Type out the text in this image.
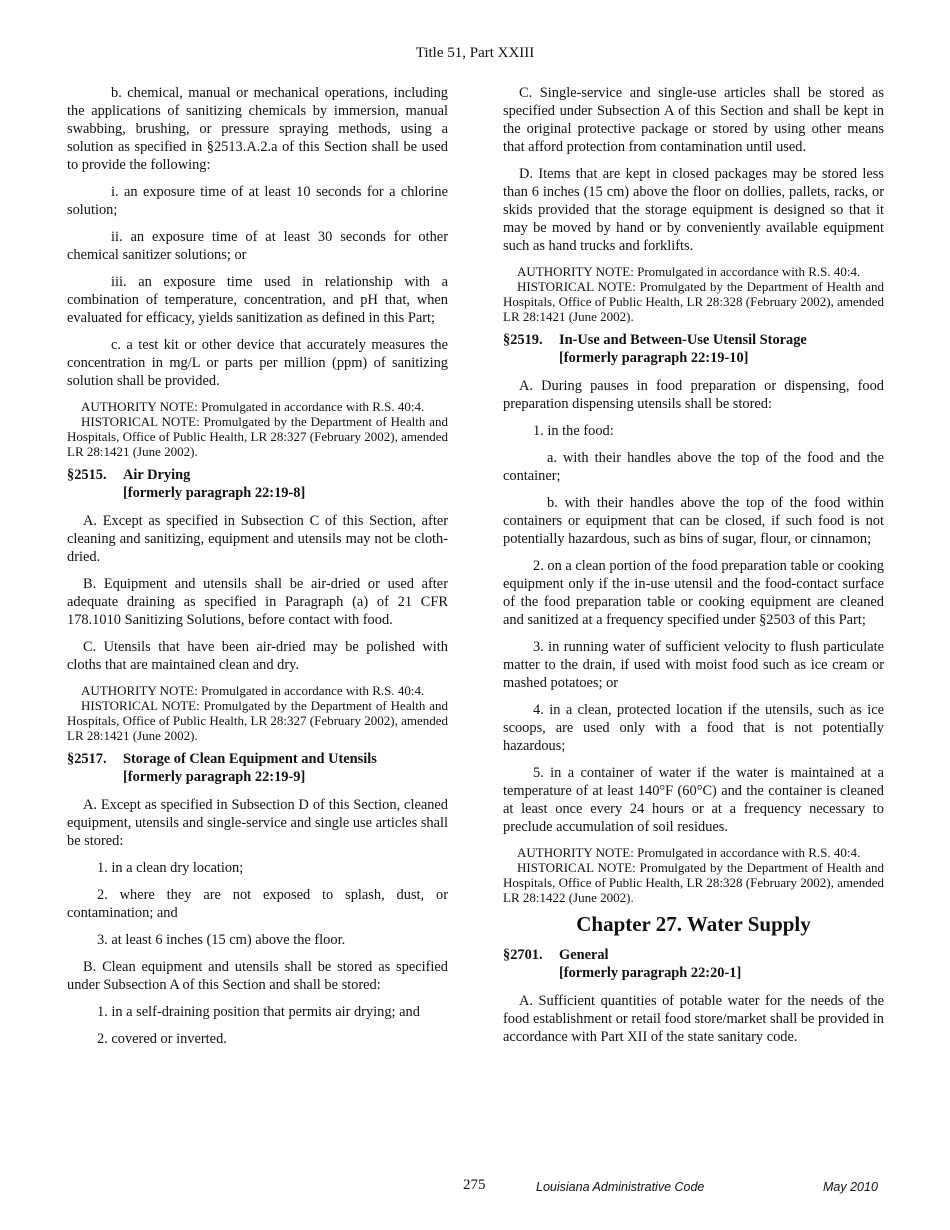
Title 51, Part XXIII

b. chemical, manual or mechanical operations, including the applications of sanitizing chemicals by immersion, manual swabbing, brushing, or pressure spraying methods, using a solution as specified in §2513.A.2.a of this Section shall be used to provide the following:

i. an exposure time of at least 10 seconds for a chlorine solution;

ii. an exposure time of at least 30 seconds for other chemical sanitizer solutions; or

iii. an exposure time used in relationship with a combination of temperature, concentration, and pH that, when evaluated for efficacy, yields sanitization as defined in this Part;

c. a test kit or other device that accurately measures the concentration in mg/L or parts per million (ppm) of sanitizing solution shall be provided.

AUTHORITY NOTE: Promulgated in accordance with R.S. 40:4.

HISTORICAL NOTE: Promulgated by the Department of Health and Hospitals, Office of Public Health, LR 28:327 (February 2002), amended LR 28:1421 (June 2002).

§2515.	Air Drying
[formerly paragraph 22:19-8]

A. Except as specified in Subsection C of this Section, after cleaning and sanitizing, equipment and utensils may not be cloth-dried.

B. Equipment and utensils shall be air-dried or used after adequate draining as specified in Paragraph (a) of 21 CFR 178.1010 Sanitizing Solutions, before contact with food.

C. Utensils that have been air-dried may be polished with cloths that are maintained clean and dry.

AUTHORITY NOTE: Promulgated in accordance with R.S. 40:4.

HISTORICAL NOTE: Promulgated by the Department of Health and Hospitals, Office of Public Health, LR 28:327 (February 2002), amended LR 28:1421 (June 2002).

§2517.	Storage of Clean Equipment and Utensils
[formerly paragraph 22:19-9]

A. Except as specified in Subsection D of this Section, cleaned equipment, utensils and single-service and single use articles shall be stored:

1. in a clean dry location;

2. where they are not exposed to splash, dust, or contamination; and

3. at least 6 inches (15 cm) above the floor.

B. Clean equipment and utensils shall be stored as specified under Subsection A of this Section and shall be stored:

1. in a self-draining position that permits air drying; and

2. covered or inverted.

C. Single-service and single-use articles shall be stored as specified under Subsection A of this Section and shall be kept in the original protective package or stored by using other means that afford protection from contamination until used.

D. Items that are kept in closed packages may be stored less than 6 inches (15 cm) above the floor on dollies, pallets, racks, or skids provided that the storage equipment is designed so that it may be moved by hand or by conveniently available equipment such as hand trucks and forklifts.

AUTHORITY NOTE: Promulgated in accordance with R.S. 40:4.

HISTORICAL NOTE: Promulgated by the Department of Health and Hospitals, Office of Public Health, LR 28:328 (February 2002), amended LR 28:1421 (June 2002).

§2519.	In-Use and Between-Use Utensil Storage
[formerly paragraph 22:19-10]

A. During pauses in food preparation or dispensing, food preparation dispensing utensils shall be stored:

1. in the food:

a. with their handles above the top of the food and the container;

b. with their handles above the top of the food within containers or equipment that can be closed, if such food is not potentially hazardous, such as bins of sugar, flour, or cinnamon;

2. on a clean portion of the food preparation table or cooking equipment only if the in-use utensil and the food-contact surface of the food preparation table or cooking equipment are cleaned and sanitized at a frequency specified under §2503 of this Part;

3. in running water of sufficient velocity to flush particulate matter to the drain, if used with moist food such as ice cream or mashed potatoes; or

4. in a clean, protected location if the utensils, such as ice scoops, are used only with a food that is not potentially hazardous;

5. in a container of water if the water is maintained at a temperature of at least 140°F (60°C) and the container is cleaned at least once every 24 hours or at a frequency necessary to preclude accumulation of soil residues.

AUTHORITY NOTE: Promulgated in accordance with R.S. 40:4.

HISTORICAL NOTE: Promulgated by the Department of Health and Hospitals, Office of Public Health, LR 28:328 (February 2002), amended LR 28:1422 (June 2002).

Chapter 27. Water Supply
§2701.	General
[formerly paragraph 22:20-1]

A. Sufficient quantities of potable water for the needs of the food establishment or retail food store/market shall be provided in accordance with Part XII of the state sanitary code.

275	Louisiana Administrative Code	May 2010
